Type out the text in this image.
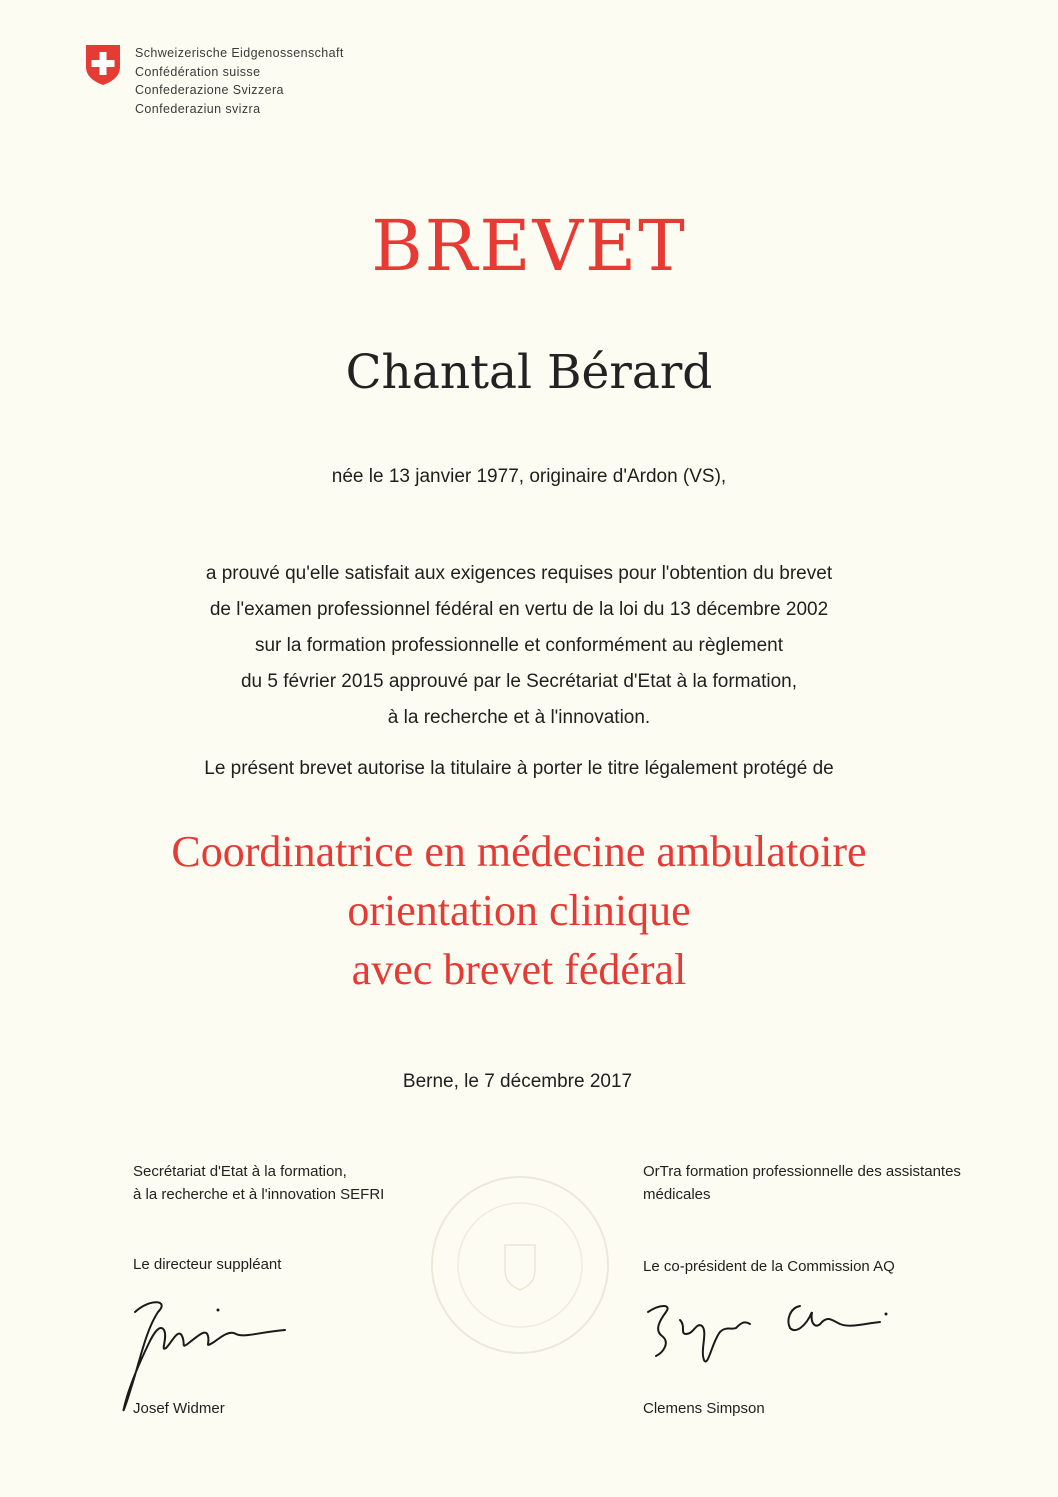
Schweizerische Eidgenossenschaft
Confédération suisse
Confederazione Svizzera
Confederaziun svizra
BREVET
Chantal Bérard
née le 13 janvier 1977, originaire d'Ardon (VS),
a prouvé qu'elle satisfait aux exigences requises pour l'obtention du brevet
de l'examen professionnel fédéral en vertu de la loi du 13 décembre 2002
sur la formation professionnelle et conformément au règlement
du 5 février 2015 approuvé par le Secrétariat d'Etat à la formation,
à la recherche et à l'innovation.
Le présent brevet autorise la titulaire à porter le titre légalement protégé de
Coordinatrice en médecine ambulatoire
orientation clinique
avec brevet fédéral
Berne, le 7 décembre 2017
Secrétariat d'Etat à la formation,
à la recherche et à l'innovation SEFRI
OrTra formation professionnelle des assistantes
médicales
Le directeur suppléant	Le co-président de la Commission AQ
Josef Widmer	Clemens Simpson
